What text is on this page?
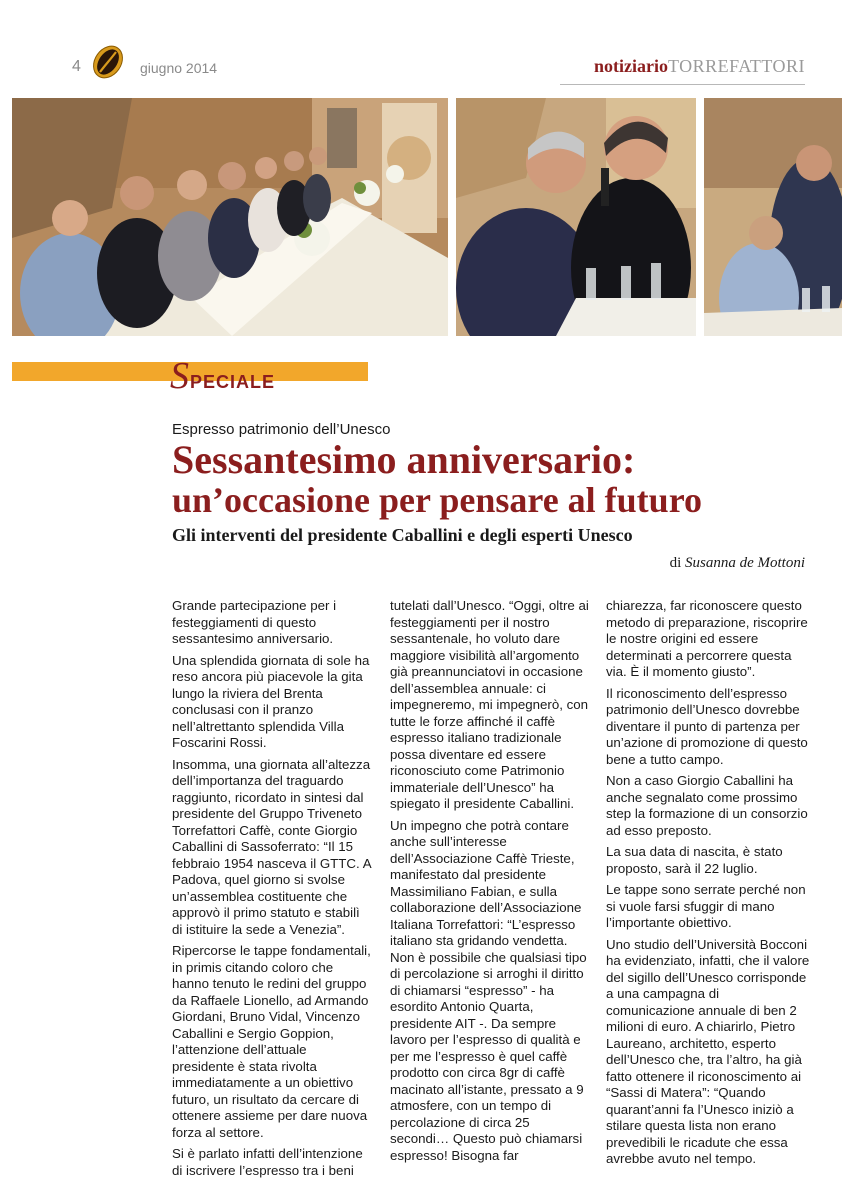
4	giugno 2014	notiziarioTORREFATTORI
S PECIALE
Espresso patrimonio dell’Unesco
Sessantesimo anniversario:
un’occasione per pensare al futuro
Gli interventi del presidente Caballini e degli esperti Unesco
di Susanna de Mottoni

Grande partecipazione per i festeggiamenti di questo sessantesimo anniversario.

Una splendida giornata di sole ha reso ancora più piacevole la gita lungo la riviera del Brenta conclusasi con il pranzo nell’altrettanto splendida Villa Foscarini Rossi.

Insomma, una giornata all’altezza dell’importanza del traguardo raggiunto, ricordato in sintesi dal presidente del Gruppo Triveneto Torrefattori Caffè, conte Giorgio Caballini di Sassoferrato: “Il 15 febbraio 1954 nasceva il GTTC. A Padova, quel giorno si svolse un’assemblea costituente che approvò il primo statuto e stabilì di istituire la sede a Venezia”.

Ripercorse le tappe fondamentali, in primis citando coloro che hanno tenuto le redini del gruppo da Raffaele Lionello, ad Armando Giordani, Bruno Vidal, Vincenzo Caballini e Sergio Goppion, l’attenzione dell’attuale presidente è stata rivolta immediatamente a un obiettivo futuro, un risultato da cercare di ottenere assieme per dare nuova forza al settore.

Si è parlato infatti dell’intenzione di iscrivere l’espresso tra i beni

tutelati dall’Unesco. “Oggi, oltre ai festeggiamenti per il nostro sessantenale, ho voluto dare maggiore visibilità all’argomento già preannunciatovi in occasione dell’assemblea annuale: ci impegneremo, mi impegnerò, con tutte le forze affinché il caffè espresso italiano tradizionale possa diventare ed essere riconosciuto come Patrimonio immateriale dell’Unesco” ha spiegato il presidente Caballini.

Un impegno che potrà contare anche sull’interesse dell’Associazione Caffè Trieste, manifestato dal presidente Massimiliano Fabian, e sulla collaborazione dell’Associazione Italiana Torrefattori: “L’espresso italiano sta gridando vendetta. Non è possibile che qualsiasi tipo di percolazione si arroghi il diritto di chiamarsi “espresso” - ha esordito Antonio Quarta, presidente AIT -. Da sempre lavoro per l’espresso di qualità e per me l’espresso è quel caffè prodotto con circa 8gr di caffè macinato all’istante, pressato a 9 atmosfere, con un tempo di percolazione di circa 25 secondi… Questo può chiamarsi espresso! Bisogna far

chiarezza, far riconoscere questo metodo di preparazione, riscoprire le nostre origini ed essere determinati a percorrere questa via. È il momento giusto”.

Il riconoscimento dell’espresso patrimonio dell’Unesco dovrebbe diventare il punto di partenza per un’azione di promozione di questo bene a tutto campo.

Non a caso Giorgio Caballini ha anche segnalato come prossimo step la formazione di un consorzio ad esso preposto.

La sua data di nascita, è stato proposto, sarà il 22 luglio.

Le tappe sono serrate perché non si vuole farsi sfuggir di mano l’importante obiettivo.

Uno studio dell’Università Bocconi ha evidenziato, infatti, che il valore del sigillo dell’Unesco corrisponde a una campagna di comunicazione annuale di ben 2 milioni di euro. A chiarirlo, Pietro Laureano, architetto, esperto dell’Unesco che, tra l’altro, ha già fatto ottenere il riconoscimento ai “Sassi di Matera”: “Quando quarant’anni fa l’Unesco iniziò a stilare questa lista non erano prevedibili le ricadute che essa avrebbe avuto nel tempo.
